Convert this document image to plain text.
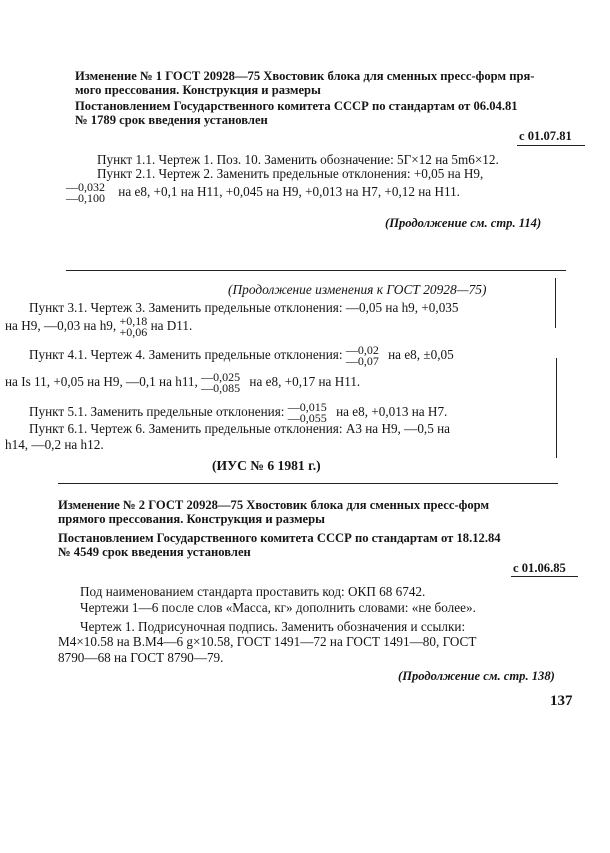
Изменение № 1 ГОСТ 20928—75 Хвостовик блока для сменных пресс-форм пря-
мого прессования. Конструкция и размеры
Постановлением Государственного комитета СССР по стандартам от 06.04.81
№ 1789 срок введения установлен
с 01.07.81
Пункт 1.1. Чертеж 1. Поз. 10. Заменить обозначение: 5Г×12 на 5m6×12.
Пункт 2.1. Чертеж 2. Заменить предельные отклонения: +0,05 на H9,
—0,032
—0,100 на e8, +0,1 на H11, +0,045 на H9, +0,013 на H7, +0,12 на H11.
(Продолжение см. стр. 114)
(Продолжение изменения к ГОСТ 20928—75)
Пункт 3.1. Чертеж 3. Заменить предельные отклонения: —0,05 на h9, +0,035
на H9, —0,03 на h9, +0,18
+0,06 на D11.
Пункт 4.1. Чертеж 4. Заменить предельные отклонения: —0,02
—0,07 на e8, ±0,05
на Is 11, +0,05 на H9, —0,1 на h11, —0,025
—0,085 на e8, +0,17 на H11.
Пункт 5.1. Заменить предельные отклонения: —0,015
—0,055 на e8, +0,013 на H7.
Пункт 6.1. Чертеж 6. Заменить предельные отклонения: A3 на H9, —0,5 на
h14, —0,2 на h12.
(ИУС № 6 1981 г.)
Изменение № 2 ГОСТ 20928—75 Хвостовик блока для сменных пресс-форм
прямого прессования. Конструкция и размеры
Постановлением Государственного комитета СССР по стандартам от 18.12.84
№ 4549 срок введения установлен
с 01.06.85
Под наименованием стандарта проставить код: ОКП 68 6742.
Чертежи 1—6 после слов «Масса, кг» дополнить словами: «не более».
Чертеж 1. Подрисуночная подпись. Заменить обозначения и ссылки:
М4×10.58 на В.М4—6 g×10.58, ГОСТ 1491—72 на ГОСТ 1491—80, ГОСТ
8790—68 на ГОСТ 8790—79.
(Продолжение см. стр. 138)
137
